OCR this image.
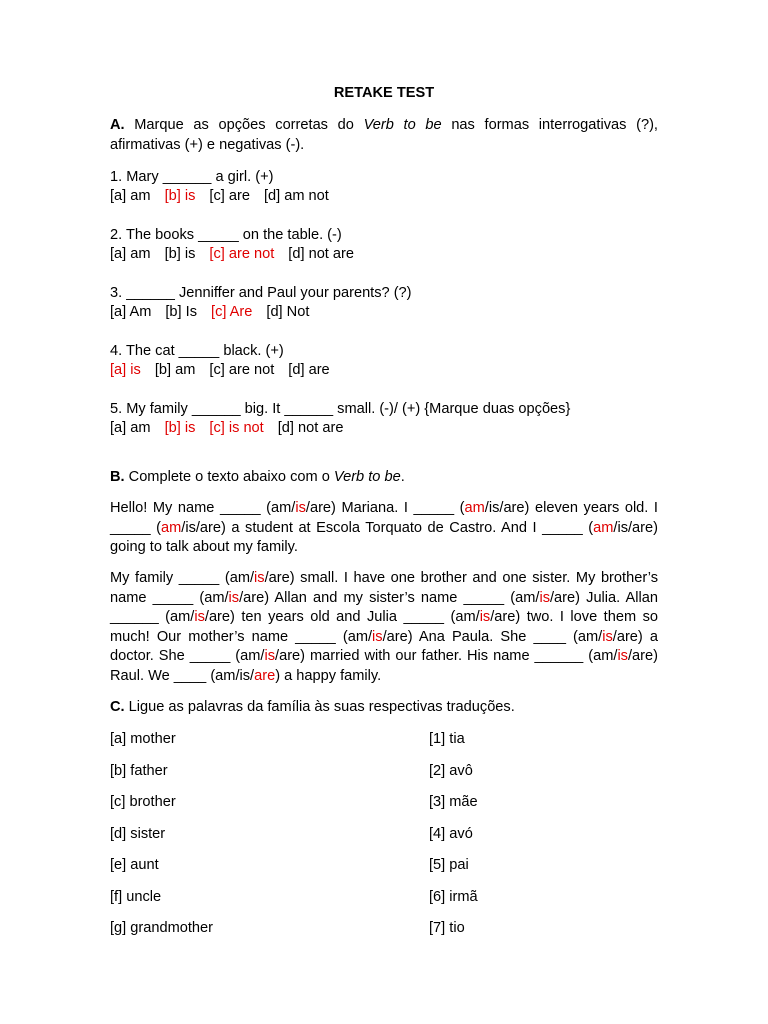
RETAKE TEST

A. Marque as opções corretas do Verb to be nas formas interrogativas (?), afirmativas (+) e negativas (-).

1. Mary ______ a girl. (+)

[a] am [b] is [c] are [d] am not

2. The books _____ on the table. (-)

[a] am [b] is [c] are not [d] not are

3. ______ Jenniffer and Paul your parents? (?)

[a] Am [b] Is [c] Are [d] Not

4. The cat _____ black. (+)

[a] is [b] am [c] are not [d] are

5. My family ______ big. It ______ small. (-)/ (+) {Marque duas opções}

[a] am [b] is [c] is not [d] not are

B. Complete o texto abaixo com o Verb to be.

Hello! My name _____ (am/is/are) Mariana. I _____ (am/is/are) eleven years old. I _____ (am/is/are) a student at Escola Torquato de Castro. And I _____ (am/is/are) going to talk about my family.

My family _____ (am/is/are) small. I have one brother and one sister. My brother’s name _____ (am/is/are) Allan and my sister’s name _____ (am/is/are) Julia. Allan ______ (am/is/are) ten years old and Julia _____ (am/is/are) two. I love them so much! Our mother’s name _____ (am/is/are) Ana Paula. She ____ (am/is/are) a doctor. She _____ (am/is/are) married with our father. His name ______ (am/is/are) Raul. We ____ (am/is/are) a happy family.

C. Ligue as palavras da família às suas respectivas traduções.

[a] mother	[1] tia
[b] father	[2] avô
[c] brother	[3] mãe
[d] sister	[4] avó
[e] aunt	[5] pai
[f] uncle	[6] irmã
[g] grandmother	[7] tio
